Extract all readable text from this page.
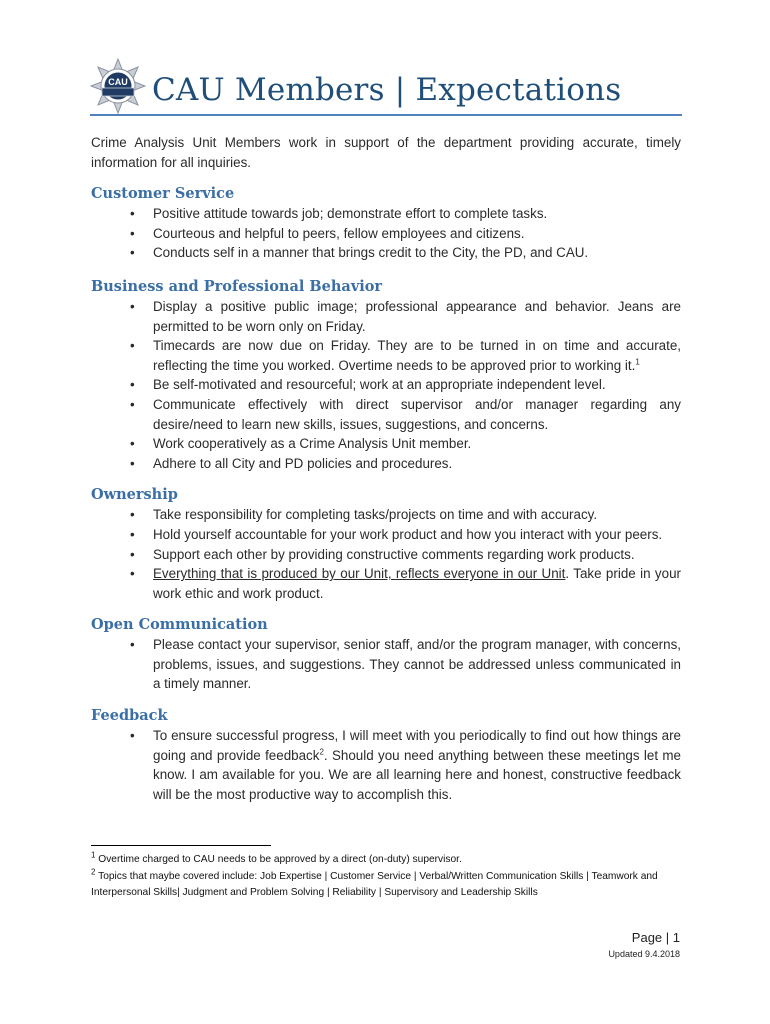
CAU CAU Members | Expectations

Crime Analysis Unit Members work in support of the department providing accurate, timely information for all inquiries.

Customer Service
• Positive attitude towards job; demonstrate effort to complete tasks.
• Courteous and helpful to peers, fellow employees and citizens.
• Conducts self in a manner that brings credit to the City, the PD, and CAU.
Business and Professional Behavior
• Display a positive public image; professional appearance and behavior. Jeans are permitted to be worn only on Friday.
• Timecards are now due on Friday. They are to be turned in on time and accurate, reflecting the time you worked. Overtime needs to be approved prior to working it.$^1$
• Be self-motivated and resourceful; work at an appropriate independent level.
• Communicate effectively with direct supervisor and/or manager regarding any desire/need to learn new skills, issues, suggestions, and concerns.
• Work cooperatively as a Crime Analysis Unit member.
• Adhere to all City and PD policies and procedures.
Ownership
• Take responsibility for completing tasks/projects on time and with accuracy.
• Hold yourself accountable for your work product and how you interact with your peers.
• Support each other by providing constructive comments regarding work products.
• Everything that is produced by our Unit, reflects everyone in our Unit. Take pride in your work ethic and work product.
Open Communication
• Please contact your supervisor, senior staff, and/or the program manager, with concerns, problems, issues, and suggestions. They cannot be addressed unless communicated in a timely manner.
Feedback
• To ensure successful progress, I will meet with you periodically to find out how things are going and provide feedback$^2$. Should you need anything between these meetings let me know. I am available for you. We are all learning here and honest, constructive feedback will be the most productive way to accomplish this.

$^1$ Overtime charged to CAU needs to be approved by a direct (on-duty) supervisor.

$^2$ Topics that maybe covered include: Job Expertise | Customer Service | Verbal/Written Communication Skills | Teamwork and Interpersonal Skills| Judgment and Problem Solving | Reliability | Supervisory and Leadership Skills

Page | 1
Updated 9.4.2018
